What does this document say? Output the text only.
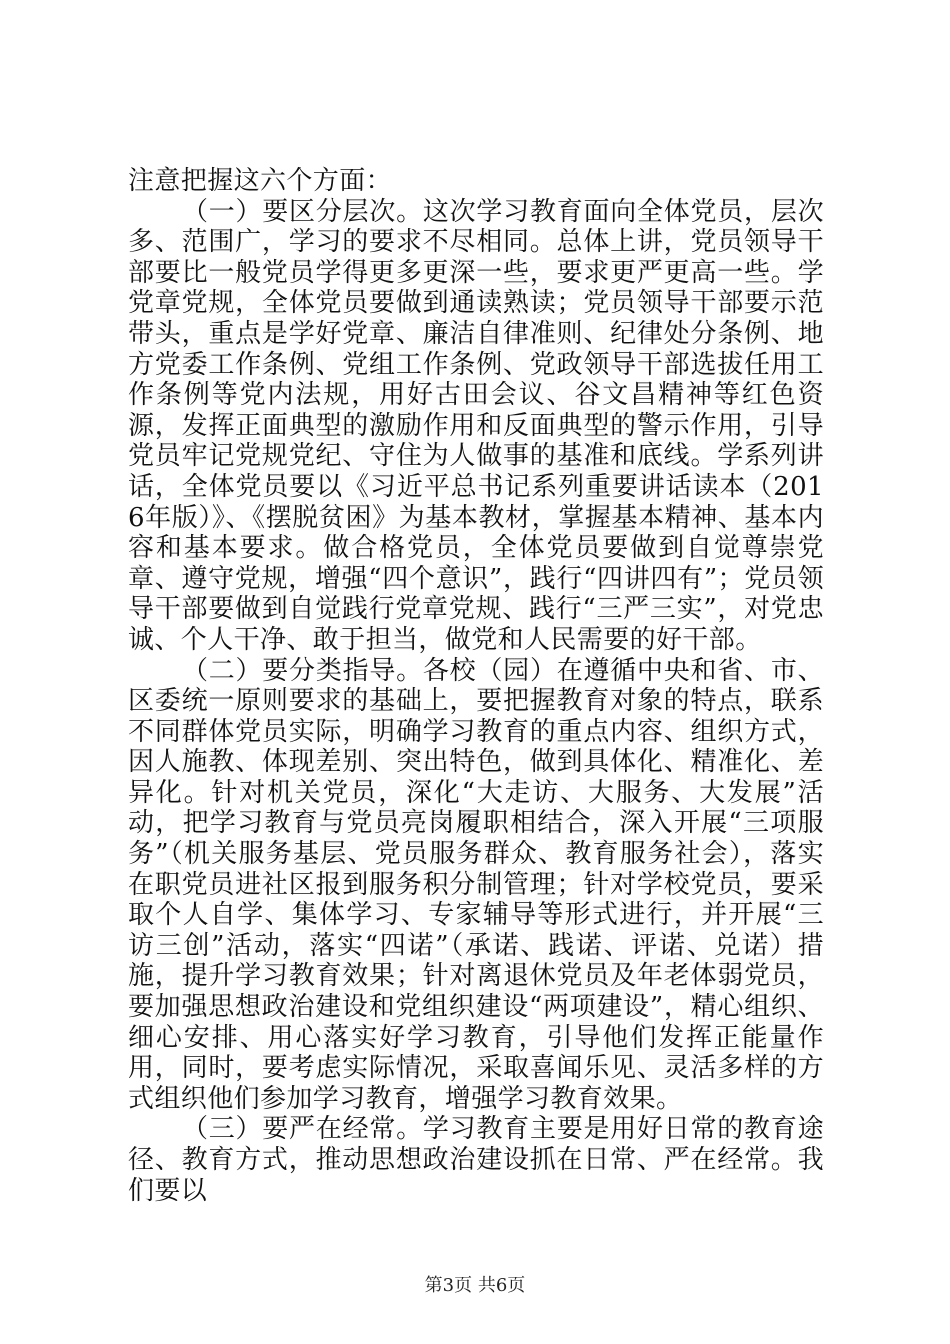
注意把握这六个方面：

（一）要区分层次。这次学习教育面向全体党员，层次多、范围广，学习的要求不尽相同。总体上讲，党员领导干部要比一般党员学得更多更深一些，要求更严更高一些。学党章党规，全体党员要做到通读熟读；党员领导干部要示范带头，重点是学好党章、廉洁自律准则、纪律处分条例、地方党委工作条例、党组工作条例、党政领导干部选拔任用工作条例等党内法规，用好古田会议、谷文昌精神等红色资源，发挥正面典型的激励作用和反面典型的警示作用，引导党员牢记党规党纪、守住为人做事的基准和底线。学系列讲话，全体党员要以《习近平总书记系列重要讲话读本（2016年版）》、《摆脱贫困》为基本教材，掌握基本精神、基本内容和基本要求。做合格党员，全体党员要做到自觉尊崇党章、遵守党规，增强“四个意识”，践行“四讲四有”；党员领导干部要做到自觉践行党章党规、践行“三严三实”，对党忠诚、个人干净、敢于担当，做党和人民需要的好干部。

（二）要分类指导。各校（园）在遵循中央和省、市、区委统一原则要求的基础上，要把握教育对象的特点，联系不同群体党员实际，明确学习教育的重点内容、组织方式，因人施教、体现差别、突出特色，做到具体化、精准化、差异化。针对机关党员，深化“大走访、大服务、大发展”活动，把学习教育与党员亮岗履职相结合，深入开展“三项服务”（机关服务基层、党员服务群众、教育服务社会），落实在职党员进社区报到服务积分制管理；针对学校党员，要采取个人自学、集体学习、专家辅导等形式进行，并开展“三访三创”活动，落实“四诺”（承诺、践诺、评诺、兑诺）措施，提升学习教育效果；针对离退休党员及年老体弱党员，要加强思想政治建设和党组织建设“两项建设”，精心组织、细心安排、用心落实好学习教育，引导他们发挥正能量作用，同时，要考虑实际情况，采取喜闻乐见、灵活多样的方式组织他们参加学习教育，增强学习教育效果。

（三）要严在经常。学习教育主要是用好日常的教育途径、教育方式，推动思想政治建设抓在日常、严在经常。我们要以

第3页 共6页
